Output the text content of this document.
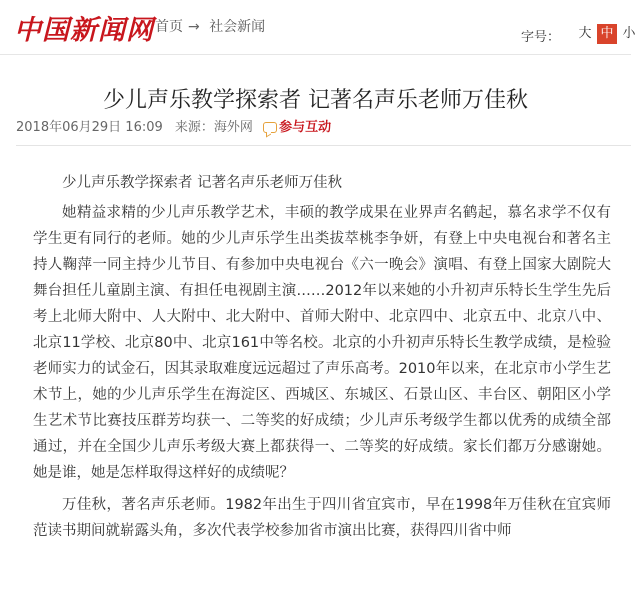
中国新闻网 首页 → 社会新闻
字号： 大 中 小
少儿声乐教学探索者 记著名声乐老师万佳秋
2018年06月29日 16:09 来源：海外网 参与互动

少儿声乐教学探索者 记著名声乐老师万佳秋

她精益求精的少儿声乐教学艺术，丰硕的教学成果在业界声名鹤起，慕名求学不仅有学生更有同行的老师。她的少儿声乐学生出类拔萃桃李争妍，有登上中央电视台和著名主持人鞠萍一同主持少儿节目、有参加中央电视台《六一晚会》演唱、有登上国家大剧院大舞台担任儿童剧主演、有担任电视剧主演……2012年以来她的小升初声乐特长生学生先后考上北师大附中、人大附中、北大附中、首师大附中、北京四中、北京五中、北京八中、北京11学校、北京80中、北京161中等名校。北京的小升初声乐特长生教学成绩，是检验老师实力的试金石，因其录取难度远远超过了声乐高考。2010年以来，在北京市小学生艺术节上，她的少儿声乐学生在海淀区、西城区、东城区、石景山区、丰台区、朝阳区小学生艺术节比赛技压群芳均获一、二等奖的好成绩；少儿声乐考级学生都以优秀的成绩全部通过，并在全国少儿声乐考级大赛上都获得一、二等奖的好成绩。家长们都万分感谢她。她是谁，她是怎样取得这样好的成绩呢？

万佳秋，著名声乐老师。1982年出生于四川省宜宾市，早在1998年万佳秋在宜宾师范读书期间就崭露头角，多次代表学校参加省市演出比赛，获得四川省中师
